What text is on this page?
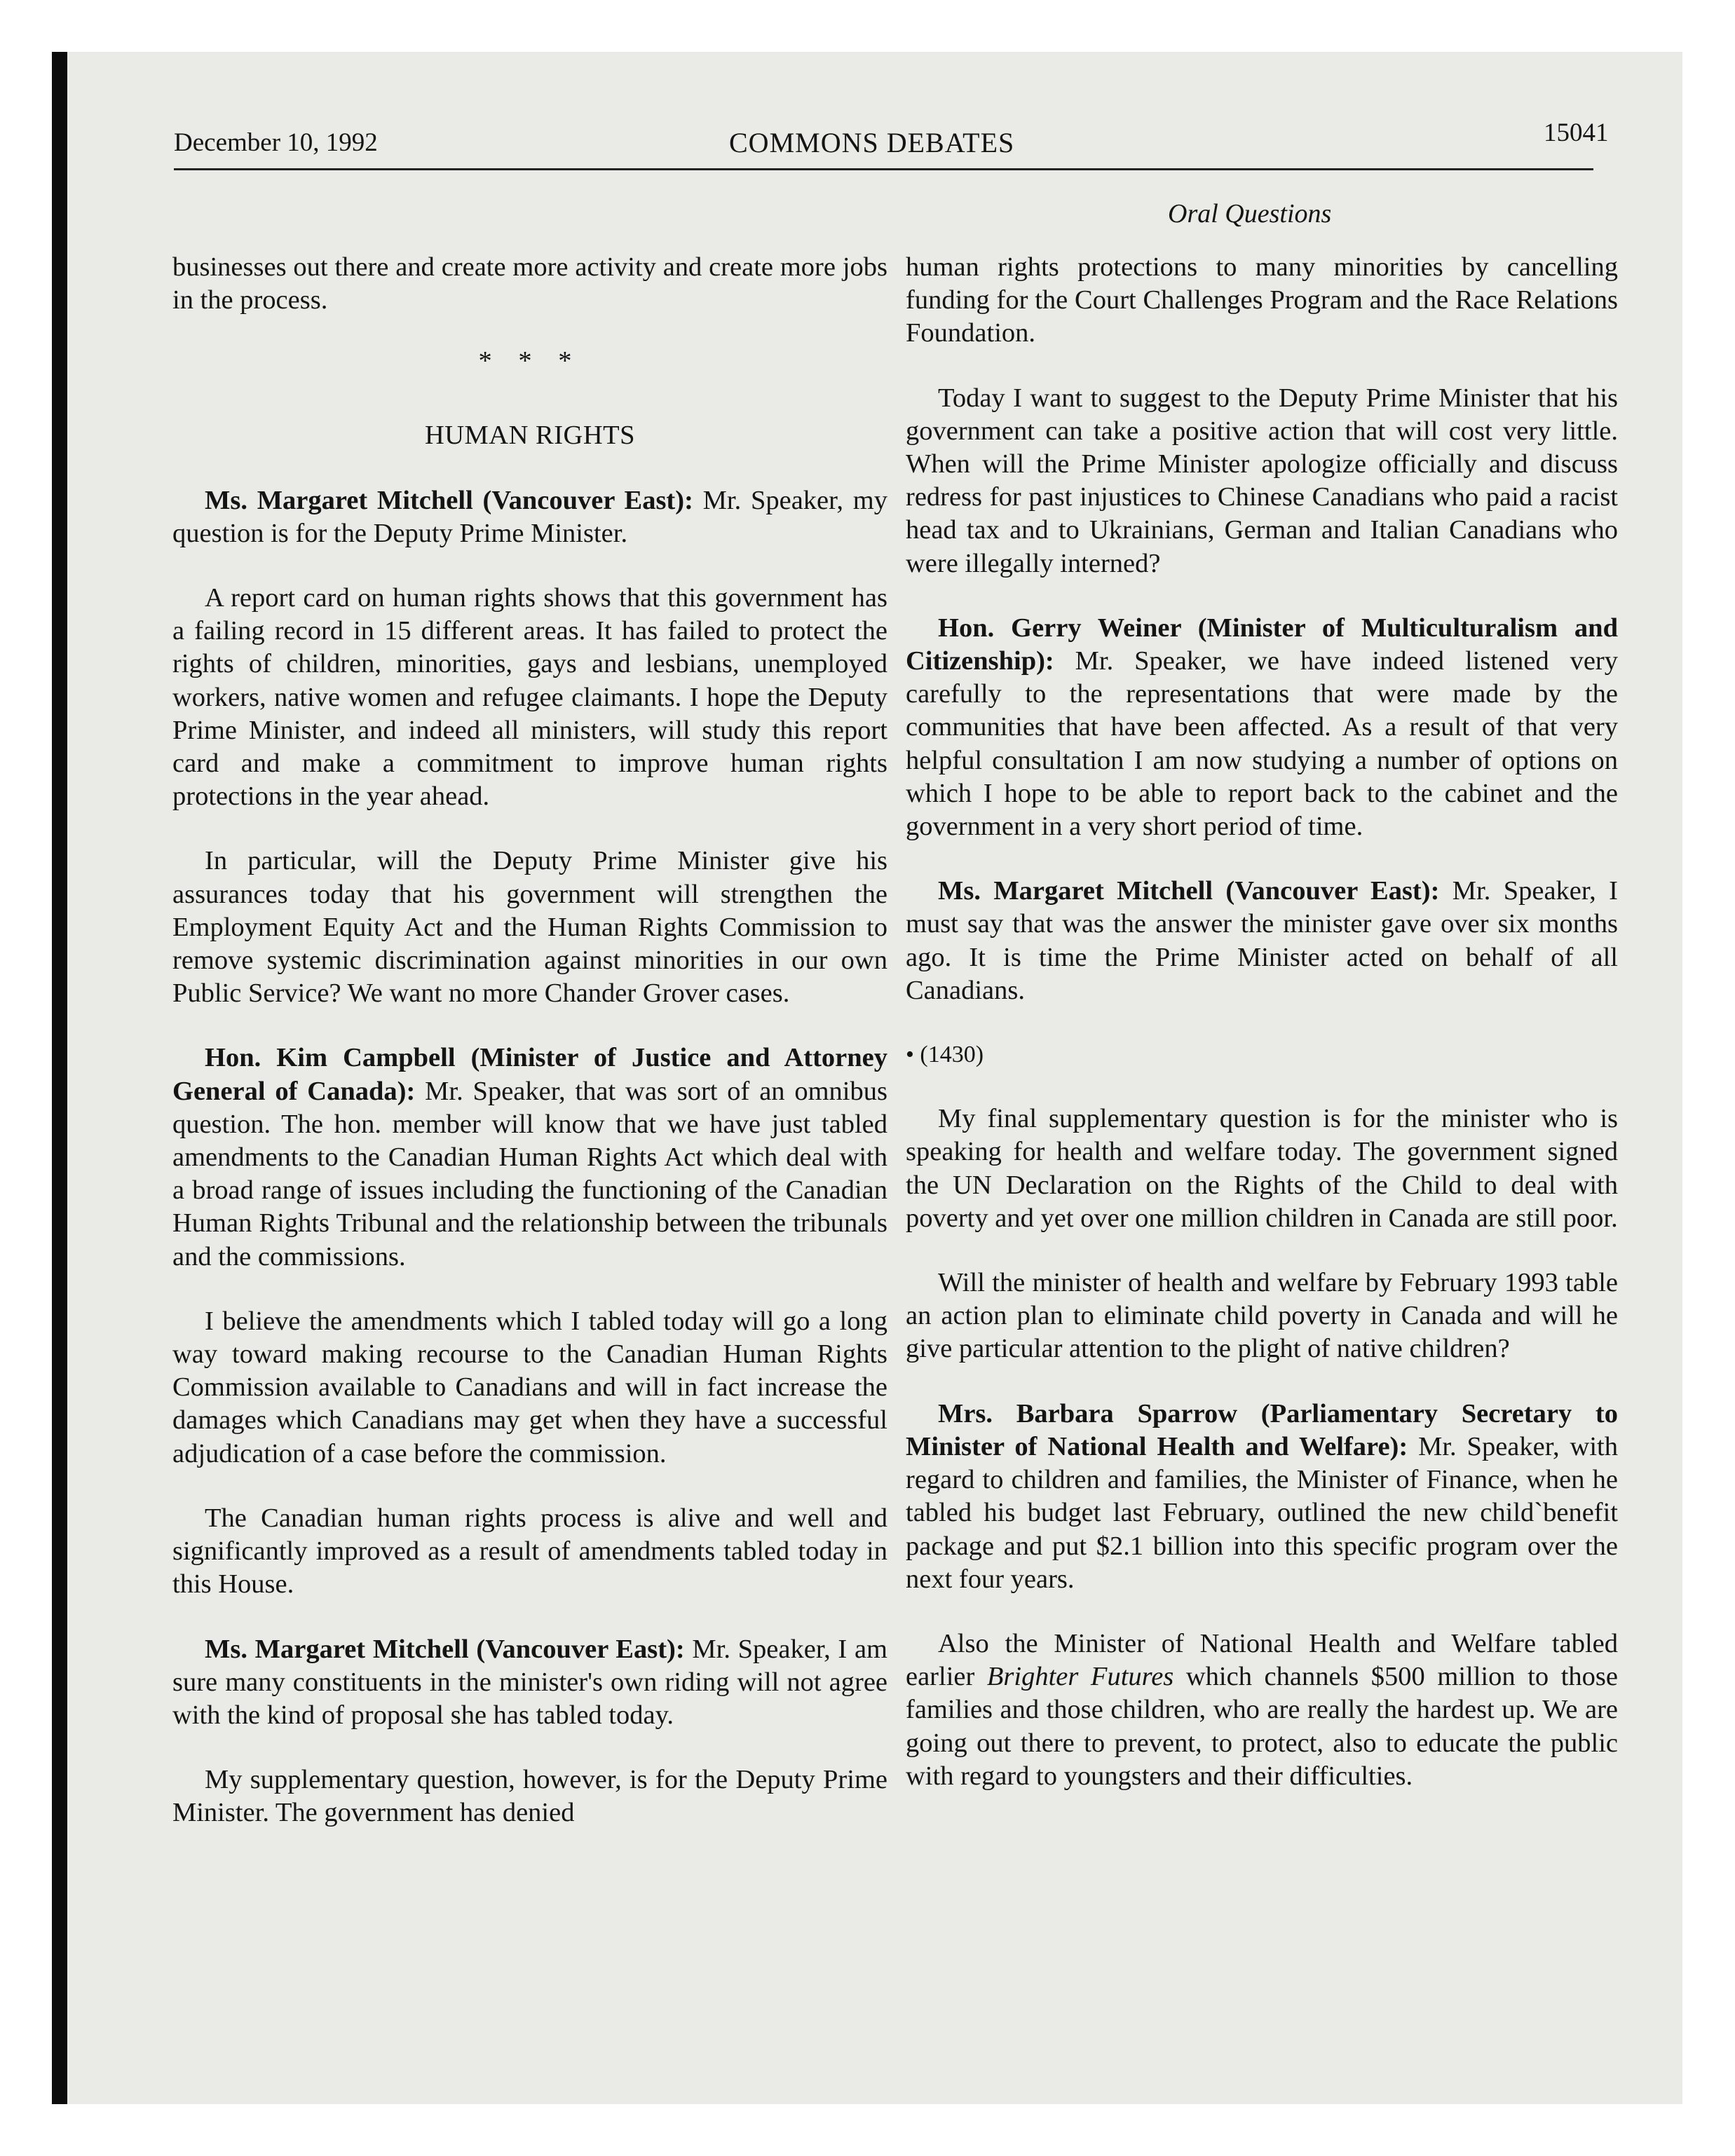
December 10, 1992	COMMONS DEBATES	15041
Oral Questions

businesses out there and create more activity and create more jobs in the process.

* * *

HUMAN RIGHTS

Ms. Margaret Mitchell (Vancouver East): Mr. Speaker, my question is for the Deputy Prime Minister.

A report card on human rights shows that this government has a failing record in 15 different areas. It has failed to protect the rights of children, minorities, gays and lesbians, unemployed workers, native women and refugee claimants. I hope the Deputy Prime Minister, and indeed all ministers, will study this report card and make a commitment to improve human rights protections in the year ahead.

In particular, will the Deputy Prime Minister give his assurances today that his government will strengthen the Employment Equity Act and the Human Rights Commission to remove systemic discrimination against minorities in our own Public Service? We want no more Chander Grover cases.

Hon. Kim Campbell (Minister of Justice and Attorney General of Canada): Mr. Speaker, that was sort of an omnibus question. The hon. member will know that we have just tabled amendments to the Canadian Human Rights Act which deal with a broad range of issues including the functioning of the Canadian Human Rights Tribunal and the relationship between the tribunals and the commissions.

I believe the amendments which I tabled today will go a long way toward making recourse to the Canadian Human Rights Commission available to Canadians and will in fact increase the damages which Canadians may get when they have a successful adjudication of a case before the commission.

The Canadian human rights process is alive and well and significantly improved as a result of amendments tabled today in this House.

Ms. Margaret Mitchell (Vancouver East): Mr. Speaker, I am sure many constituents in the minister's own riding will not agree with the kind of proposal she has tabled today.

My supplementary question, however, is for the Deputy Prime Minister. The government has denied

human rights protections to many minorities by cancelling funding for the Court Challenges Program and the Race Relations Foundation.

Today I want to suggest to the Deputy Prime Minister that his government can take a positive action that will cost very little. When will the Prime Minister apologize officially and discuss redress for past injustices to Chinese Canadians who paid a racist head tax and to Ukrainians, German and Italian Canadians who were illegally interned?

Hon. Gerry Weiner (Minister of Multiculturalism and Citizenship): Mr. Speaker, we have indeed listened very carefully to the representations that were made by the communities that have been affected. As a result of that very helpful consultation I am now studying a number of options on which I hope to be able to report back to the cabinet and the government in a very short period of time.

Ms. Margaret Mitchell (Vancouver East): Mr. Speaker, I must say that was the answer the minister gave over six months ago. It is time the Prime Minister acted on behalf of all Canadians.

• (1430)

My final supplementary question is for the minister who is speaking for health and welfare today. The government signed the UN Declaration on the Rights of the Child to deal with poverty and yet over one million children in Canada are still poor.

Will the minister of health and welfare by February 1993 table an action plan to eliminate child poverty in Canada and will he give particular attention to the plight of native children?

Mrs. Barbara Sparrow (Parliamentary Secretary to Minister of National Health and Welfare): Mr. Speaker, with regard to children and families, the Minister of Finance, when he tabled his budget last February, outlined the new child`benefit package and put $2.1 billion into this specific program over the next four years.

Also the Minister of National Health and Welfare tabled earlier Brighter Futures which channels $500 million to those families and those children, who are really the hardest up. We are going out there to prevent, to protect, also to educate the public with regard to youngsters and their difficulties.
